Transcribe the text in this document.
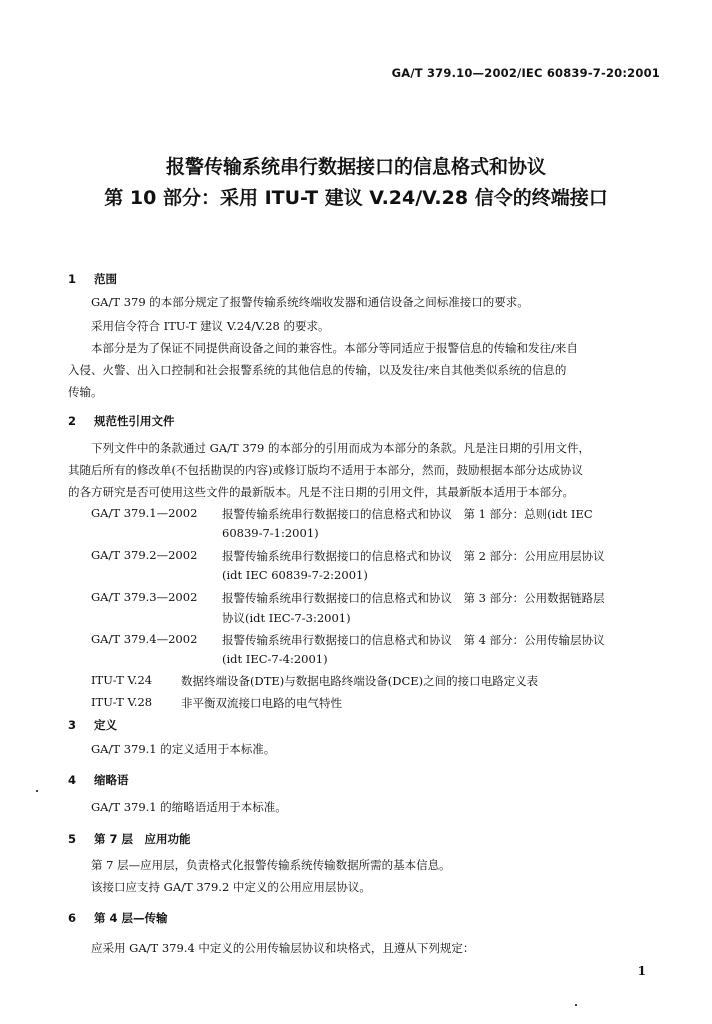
GA/T 379.10—2002/IEC 60839-7-20:2001
报警传输系统串行数据接口的信息格式和协议
第 10 部分：采用 ITU-T 建议 V.24/V.28 信令的终端接口
1 范围
GA/T 379 的本部分规定了报警传输系统终端收发器和通信设备之间标准接口的要求。
采用信令符合 ITU-T 建议 V.24/V.28 的要求。
本部分是为了保证不同提供商设备之间的兼容性。本部分等同适应于报警信息的传输和发往/来自
入侵、火警、出入口控制和社会报警系统的其他信息的传输，以及发往/来自其他类似系统的信息的
传输。
2 规范性引用文件
下列文件中的条款通过 GA/T 379 的本部分的引用而成为本部分的条款。凡是注日期的引用文件，
其随后所有的修改单(不包括勘误的内容)或修订版均不适用于本部分，然而，鼓励根据本部分达成协议
的各方研究是否可使用这些文件的最新版本。凡是不注日期的引用文件，其最新版本适用于本部分。
GA/T 379.1—2002 报警传输系统串行数据接口的信息格式和协议　第 1 部分：总则(idt IEC
60839-7-1:2001)
GA/T 379.2—2002 报警传输系统串行数据接口的信息格式和协议　第 2 部分：公用应用层协议
(idt IEC 60839-7-2:2001)
GA/T 379.3—2002 报警传输系统串行数据接口的信息格式和协议　第 3 部分：公用数据链路层
协议(idt IEC-7-3:2001)
GA/T 379.4—2002 报警传输系统串行数据接口的信息格式和协议　第 4 部分：公用传输层协议
(idt IEC-7-4:2001)
ITU-T V.24	数据终端设备(DTE)与数据电路终端设备(DCE)之间的接口电路定义表
ITU-T V.28	非平衡双流接口电路的电气特性
3 定义
GA/T 379.1 的定义适用于本标准。
4 缩略语
GA/T 379.1 的缩略语适用于本标准。
5 第 7 层　应用功能
第 7 层—应用层，负责格式化报警传输系统传输数据所需的基本信息。
该接口应支持 GA/T 379.2 中定义的公用应用层协议。
6 第 4 层—传输
应采用 GA/T 379.4 中定义的公用传输层协议和块格式，且遵从下列规定：
1
